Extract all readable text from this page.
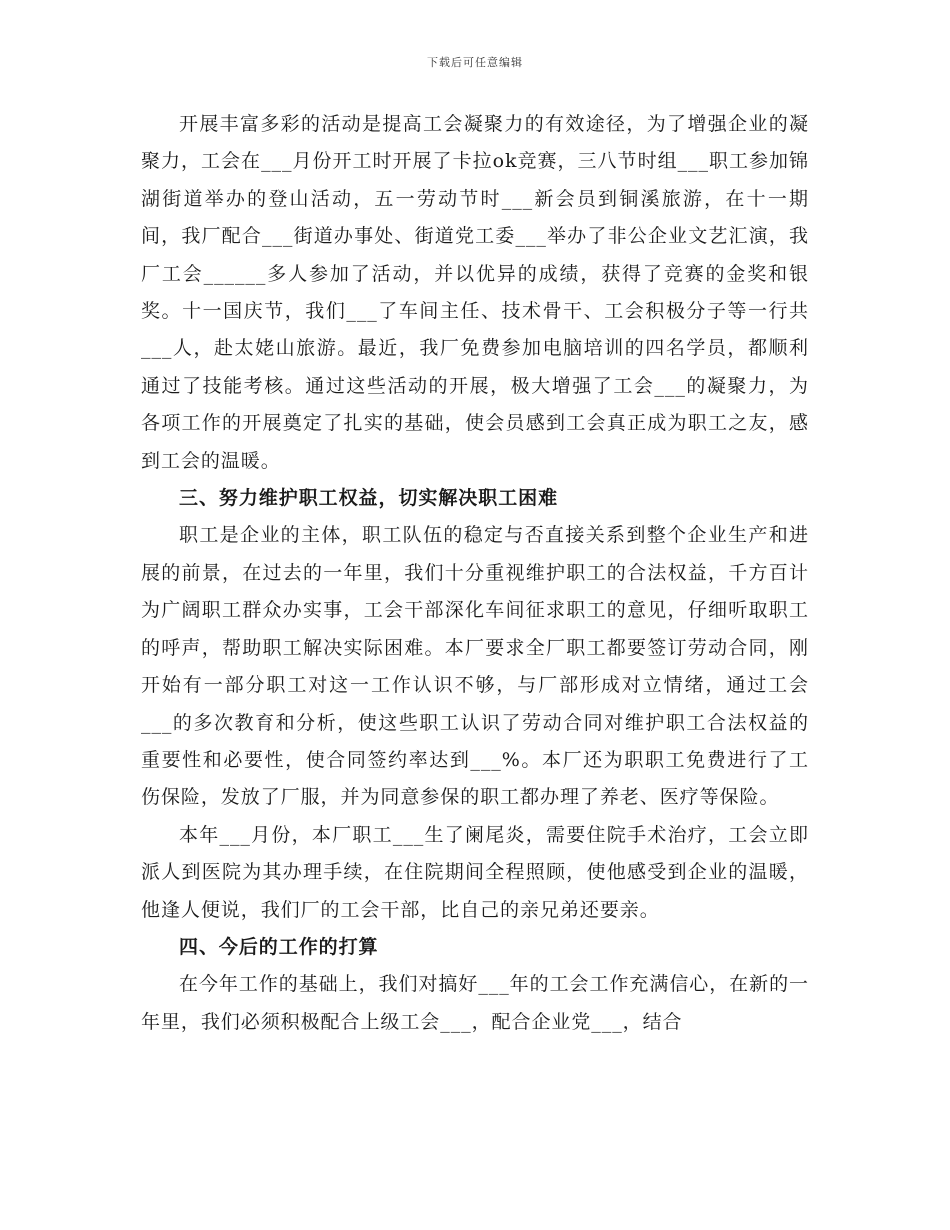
下载后可任意编辑

开展丰富多彩的活动是提高工会凝聚力的有效途径，为了增强企业的凝聚力，工会在___月份开工时开展了卡拉ok竞赛，三八节时组___职工参加锦湖街道举办的登山活动，五一劳动节时___新会员到铜溪旅游，在十一期间，我厂配合___街道办事处、街道党工委___举办了非公企业文艺汇演，我厂工会______多人参加了活动，并以优异的成绩，获得了竞赛的金奖和银奖。十一国庆节，我们___了车间主任、技术骨干、工会积极分子等一行共___人，赴太姥山旅游。最近，我厂免费参加电脑培训的四名学员，都顺利通过了技能考核。通过这些活动的开展，极大增强了工会___的凝聚力，为各项工作的开展奠定了扎实的基础，使会员感到工会真正成为职工之友，感到工会的温暖。

三、努力维护职工权益，切实解决职工困难

职工是企业的主体，职工队伍的稳定与否直接关系到整个企业生产和进展的前景，在过去的一年里，我们十分重视维护职工的合法权益，千方百计为广阔职工群众办实事，工会干部深化车间征求职工的意见，仔细听取职工的呼声，帮助职工解决实际困难。本厂要求全厂职工都要签订劳动合同，刚开始有一部分职工对这一工作认识不够，与厂部形成对立情绪，通过工会___的多次教育和分析，使这些职工认识了劳动合同对维护职工合法权益的重要性和必要性，使合同签约率达到___%。本厂还为职职工免费进行了工伤保险，发放了厂服，并为同意参保的职工都办理了养老、医疗等保险。

本年___月份，本厂职工___生了阑尾炎，需要住院手术治疗，工会立即派人到医院为其办理手续，在住院期间全程照顾，使他感受到企业的温暖，他逢人便说，我们厂的工会干部，比自己的亲兄弟还要亲。

四、今后的工作的打算

在今年工作的基础上，我们对搞好___年的工会工作充满信心，在新的一年里，我们必须积极配合上级工会___，配合企业党___，结合
